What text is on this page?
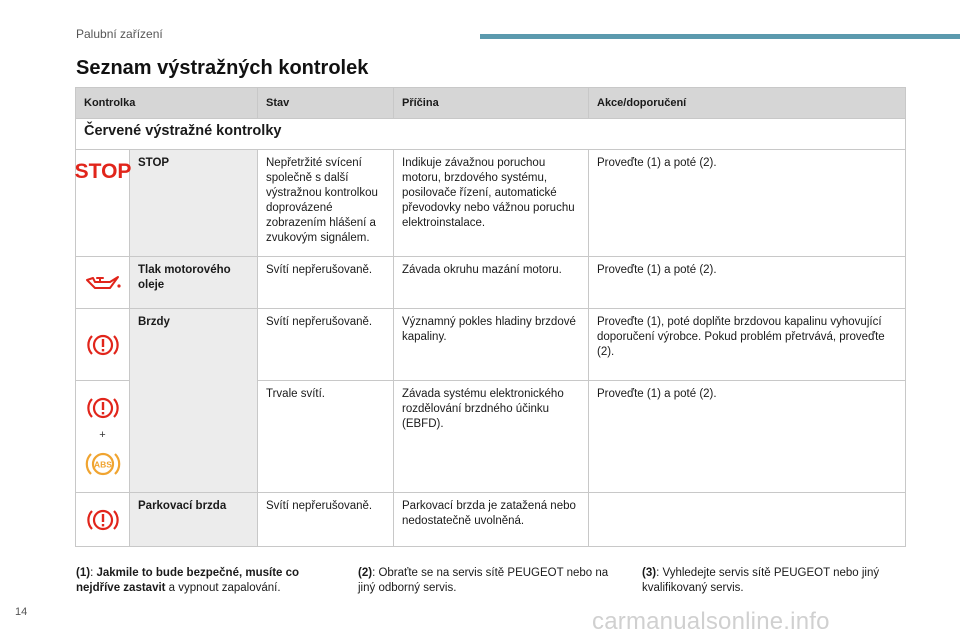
Palubní zařízení
Seznam výstražných kontrolek
Kontrolka		Stav	Příčina	Akce/doporučení
Červené výstražné kontrolky				

STOP	STOP	Nepřetržité svícení společně s další výstražnou kontrolkou doprovázené zobrazením hlášení a zvukovým signálem.	Indikuje závažnou poruchou motoru, brzdového systému, posilovače řízení, automatické převodovky nebo vážnou poruchu elektroinstalace.	Proveďte (1) a poté (2).
	Tlak motorového oleje	Svítí nepřerušovaně.	Závada okruhu mazání motoru.	Proveďte (1) a poté (2).
	Brzdy	Svítí nepřerušovaně.	Významný pokles hladiny brzdové kapaliny.	Proveďte (1), poté doplňte brzdovou kapalinu vyhovující doporučení výrobce. Pokud problém přetrvává, proveďte (2).

+
ABS		Trvale svítí.	Závada systému elektronického rozdělování brzdného účinku (EBFD).	Proveďte (1) a poté (2).
	Parkovací brzda	Svítí nepřerušovaně.	Parkovací brzda je zatažená nebo nedostatečně uvolněná.	
(1): Jakmile to bude bezpečné, musíte co nejdříve zastavit a vypnout zapalování.
(2): Obraťte se na servis sítě PEUGEOT nebo na jiný odborný servis.
(3): Vyhledejte servis sítě PEUGEOT nebo jiný kvalifikovaný servis.
14	carmanualsonline.info
